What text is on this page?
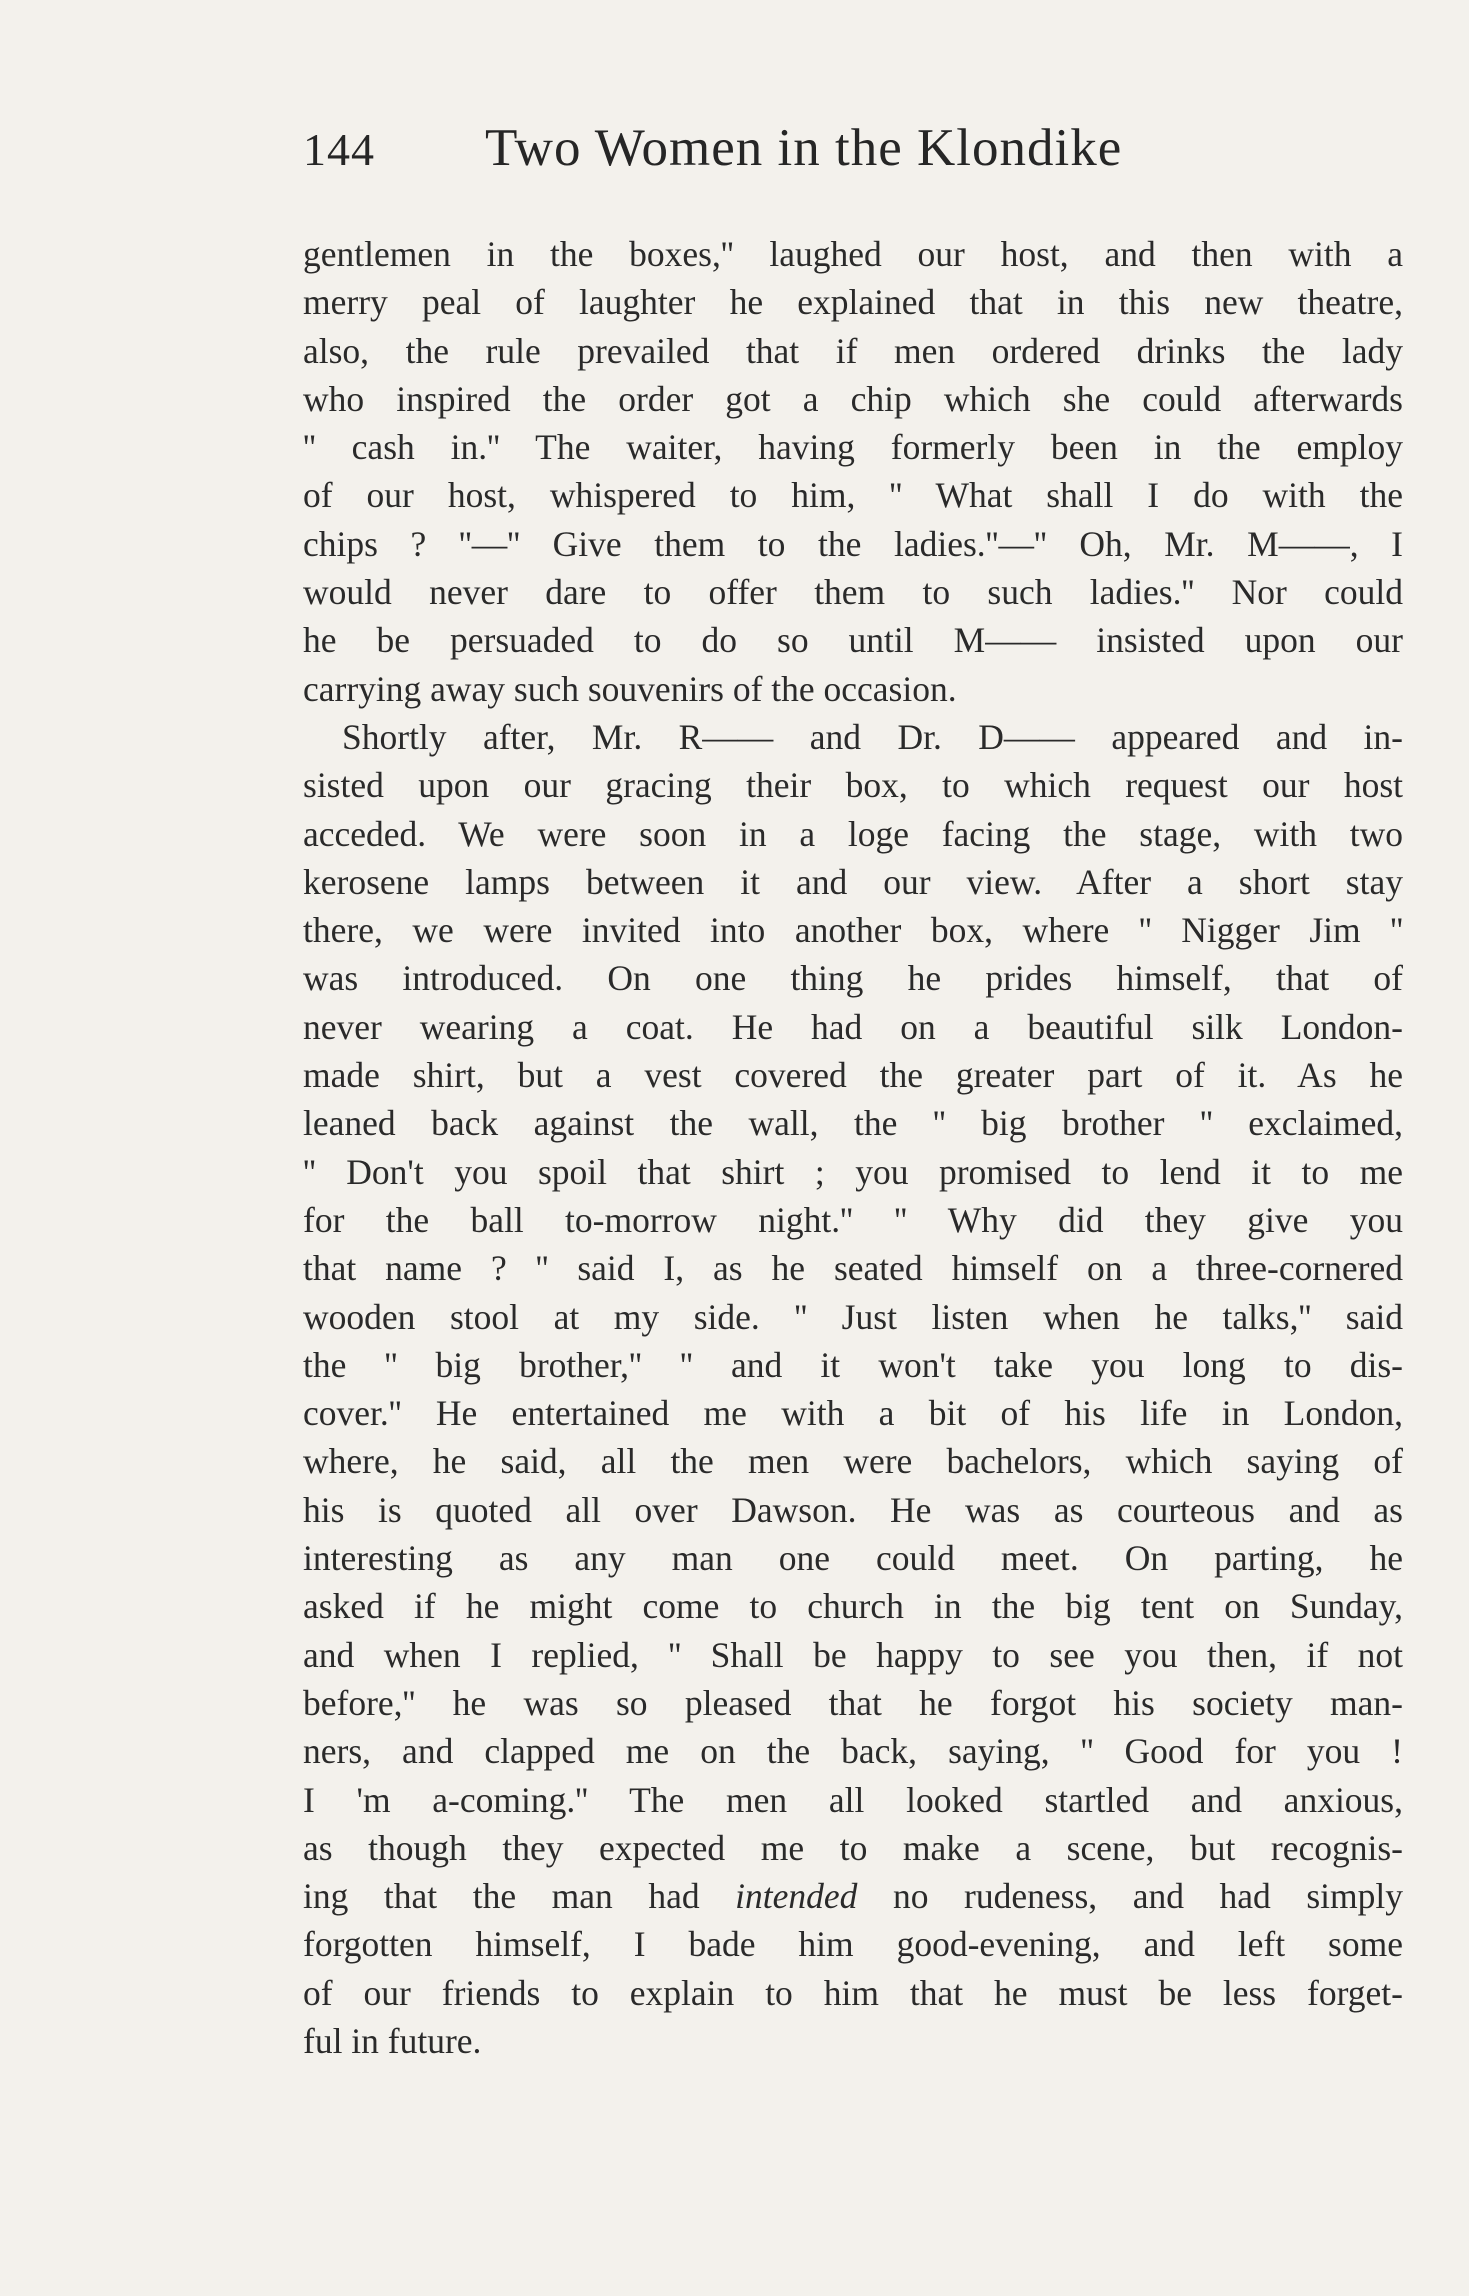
144	Two Women in the Klondike
gentlemen in the boxes,'' laughed our host, and then with a
merry peal of laughter he explained that in this new theatre,
also, the rule prevailed that if men ordered drinks the lady
who inspired the order got a chip which she could afterwards
'' cash in.'' The waiter, having formerly been in the employ
of our host, whispered to him, '' What shall I do with the
chips ? ''—'' Give them to the ladies.''—'' Oh, Mr. M——, I
would never dare to offer them to such ladies.'' Nor could
he be persuaded to do so until M—— insisted upon our
carrying away such souvenirs of the occasion.
Shortly after, Mr. R—— and Dr. D—— appeared and in-
sisted upon our gracing their box, to which request our host
acceded. We were soon in a loge facing the stage, with two
kerosene lamps between it and our view. After a short stay
there, we were invited into another box, where '' Nigger Jim ''
was introduced. On one thing he prides himself, that of
never wearing a coat. He had on a beautiful silk London-
made shirt, but a vest covered the greater part of it. As he
leaned back against the wall, the '' big brother '' exclaimed,
'' Don't you spoil that shirt ; you promised to lend it to me
for the ball to-morrow night.'' '' Why did they give you
that name ? '' said I, as he seated himself on a three-cornered
wooden stool at my side. '' Just listen when he talks,'' said
the '' big brother,'' '' and it won't take you long to dis-
cover.'' He entertained me with a bit of his life in London,
where, he said, all the men were bachelors, which saying of
his is quoted all over Dawson. He was as courteous and as
interesting as any man one could meet. On parting, he
asked if he might come to church in the big tent on Sunday,
and when I replied, '' Shall be happy to see you then, if not
before,'' he was so pleased that he forgot his society man-
ners, and clapped me on the back, saying, '' Good for you !
I 'm a-coming.'' The men all looked startled and anxious,
as though they expected me to make a scene, but recognis-
ing that the man had intended no rudeness, and had simply
forgotten himself, I bade him good-evening, and left some
of our friends to explain to him that he must be less forget-
ful in future.
